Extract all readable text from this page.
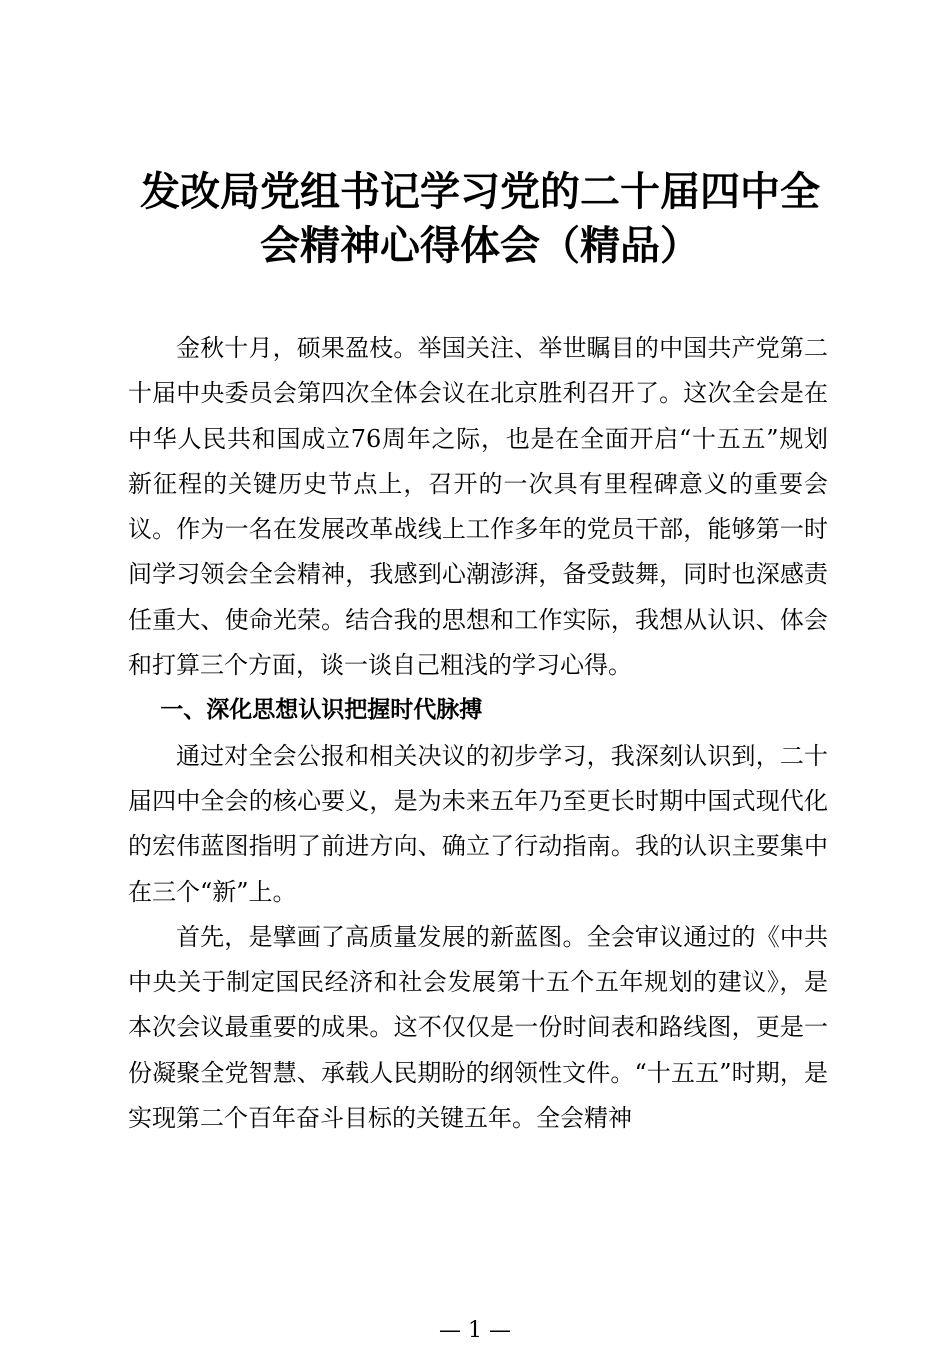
发改局党组书记学习党的二十届四中全
会精神心得体会（精品）

金秋十月，硕果盈枝。举国关注、举世瞩目的中国共产党第二十届中央委员会第四次全体会议在北京胜利召开了。这次全会是在中华人民共和国成立76周年之际，也是在全面开启“十五五”规划新征程的关键历史节点上，召开的一次具有里程碑意义的重要会议。作为一名在发展改革战线上工作多年的党员干部，能够第一时间学习领会全会精神，我感到心潮澎湃，备受鼓舞，同时也深感责任重大、使命光荣。结合我的思想和工作实际，我想从认识、体会和打算三个方面，谈一谈自己粗浅的学习心得。

一、深化思想认识把握时代脉搏

通过对全会公报和相关决议的初步学习，我深刻认识到，二十届四中全会的核心要义，是为未来五年乃至更长时期中国式现代化的宏伟蓝图指明了前进方向、确立了行动指南。我的认识主要集中在三个“新”上。

首先，是擘画了高质量发展的新蓝图。全会审议通过的《中共中央关于制定国民经济和社会发展第十五个五年规划的建议》，是本次会议最重要的成果。这不仅仅是一份时间表和路线图，更是一份凝聚全党智慧、承载人民期盼的纲领性文件。“十五五”时期，是实现第二个百年奋斗目标的关键五年。全会精神

— 1 —
